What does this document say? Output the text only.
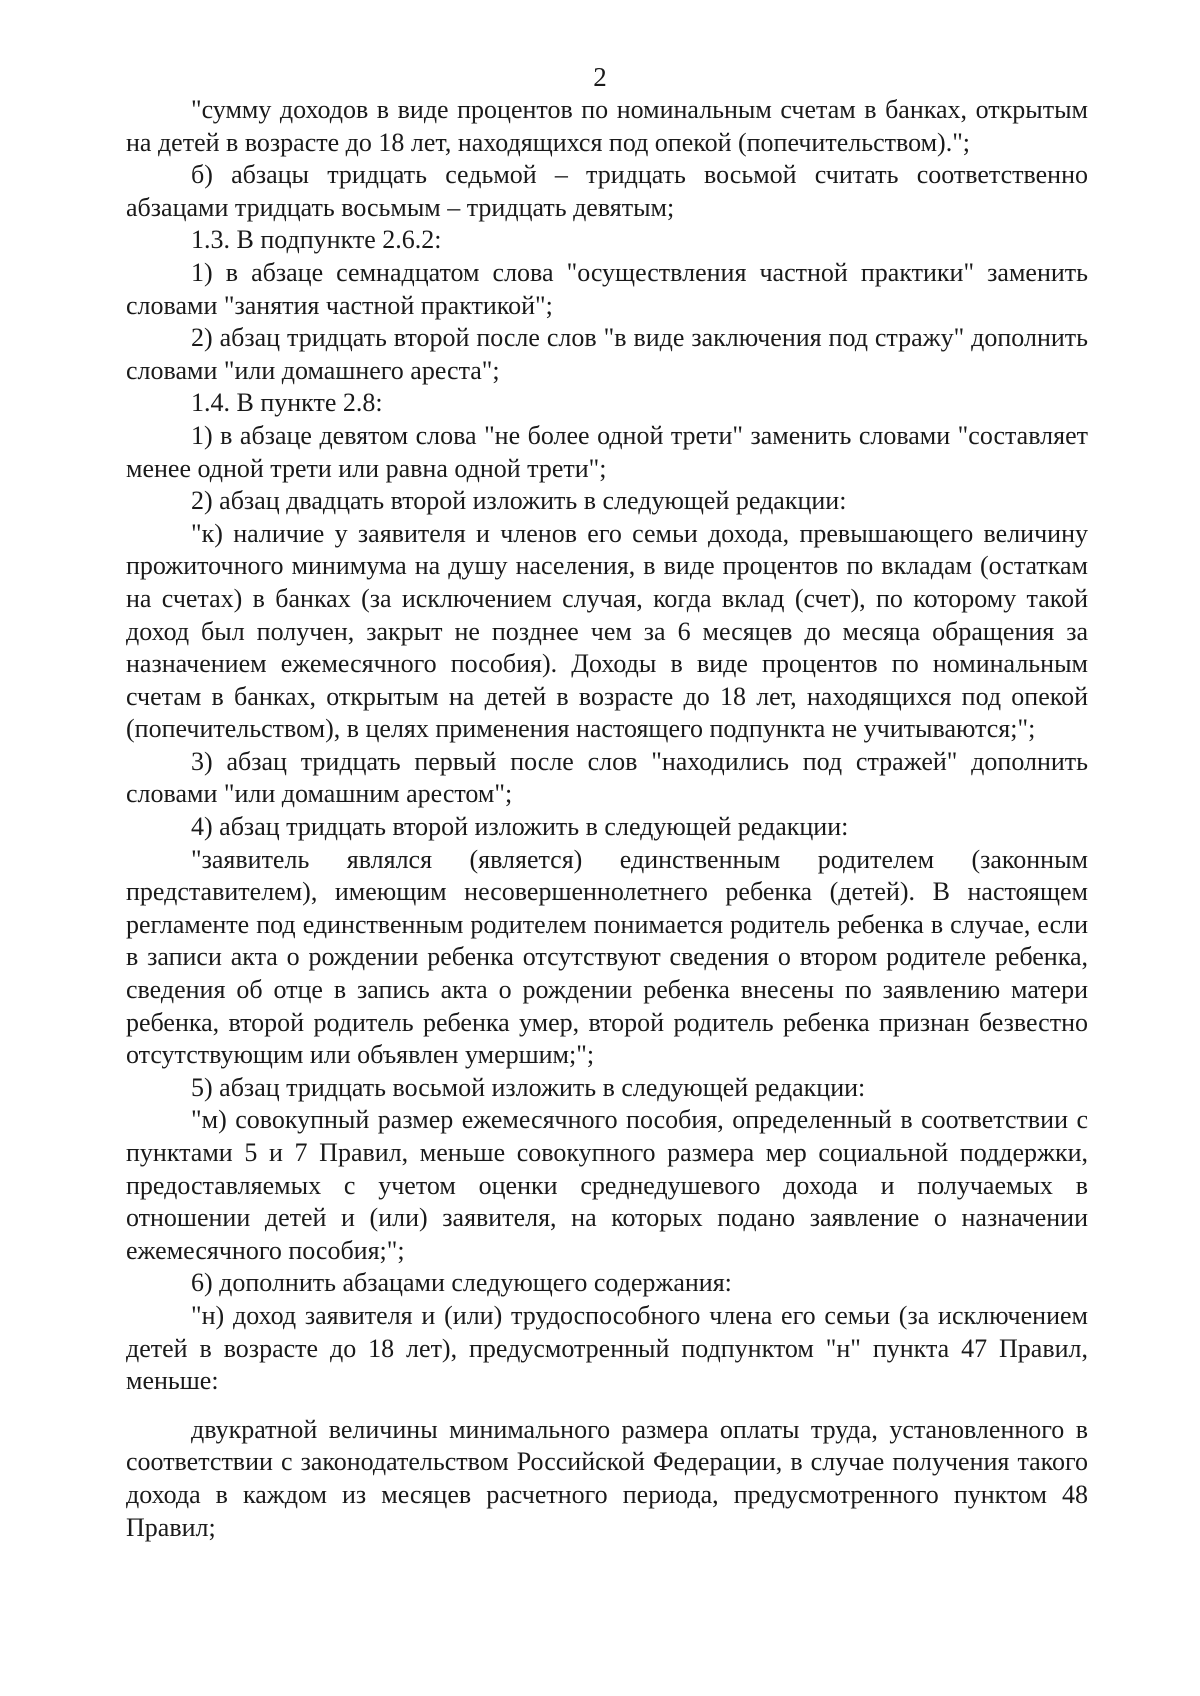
2

"сумму доходов в виде процентов по номинальным счетам в банках, открытым на детей в возрасте до 18 лет, находящихся под опекой (попечительством).";

б) абзацы тридцать седьмой – тридцать восьмой считать соответственно абзацами тридцать восьмым – тридцать девятым;

1.3. В подпункте 2.6.2:

1) в абзаце семнадцатом слова "осуществления частной практики" заменить словами "занятия частной практикой";

2) абзац тридцать второй после слов "в виде заключения под стражу" дополнить словами "или домашнего ареста";

1.4. В пункте 2.8:

1) в абзаце девятом слова "не более одной трети" заменить словами "составляет менее одной трети или равна одной трети";

2) абзац двадцать второй изложить в следующей редакции:

"к) наличие у заявителя и членов его семьи дохода, превышающего величину прожиточного минимума на душу населения, в виде процентов по вкладам (остаткам на счетах) в банках (за исключением случая, когда вклад (счет), по которому такой доход был получен, закрыт не позднее чем за 6 месяцев до месяца обращения за назначением ежемесячного пособия). Доходы в виде процентов по номинальным счетам в банках, открытым на детей в возрасте до 18 лет, находящихся под опекой (попечительством), в целях применения настоящего подпункта не учитываются;";

3) абзац тридцать первый после слов "находились под стражей" дополнить словами "или домашним арестом";

4) абзац тридцать второй изложить в следующей редакции:

"заявитель являлся (является) единственным родителем (законным представителем), имеющим несовершеннолетнего ребенка (детей). В настоящем регламенте под единственным родителем понимается родитель ребенка в случае, если в записи акта о рождении ребенка отсутствуют сведения о втором родителе ребенка, сведения об отце в запись акта о рождении ребенка внесены по заявлению матери ребенка, второй родитель ребенка умер, второй родитель ребенка признан безвестно отсутствующим или объявлен умершим;";

5) абзац тридцать восьмой изложить в следующей редакции:

"м) совокупный размер ежемесячного пособия, определенный в соответствии с пунктами 5 и 7 Правил, меньше совокупного размера мер социальной поддержки, предоставляемых с учетом оценки среднедушевого дохода и получаемых в отношении детей и (или) заявителя, на которых подано заявление о назначении ежемесячного пособия;";

6) дополнить абзацами следующего содержания:

"н) доход заявителя и (или) трудоспособного члена его семьи (за исключением детей в возрасте до 18 лет), предусмотренный подпунктом "н" пункта 47 Правил, меньше:

двукратной величины минимального размера оплаты труда, установленного в соответствии с законодательством Российской Федерации, в случае получения такого дохода в каждом из месяцев расчетного периода, предусмотренного пунктом 48 Правил;
